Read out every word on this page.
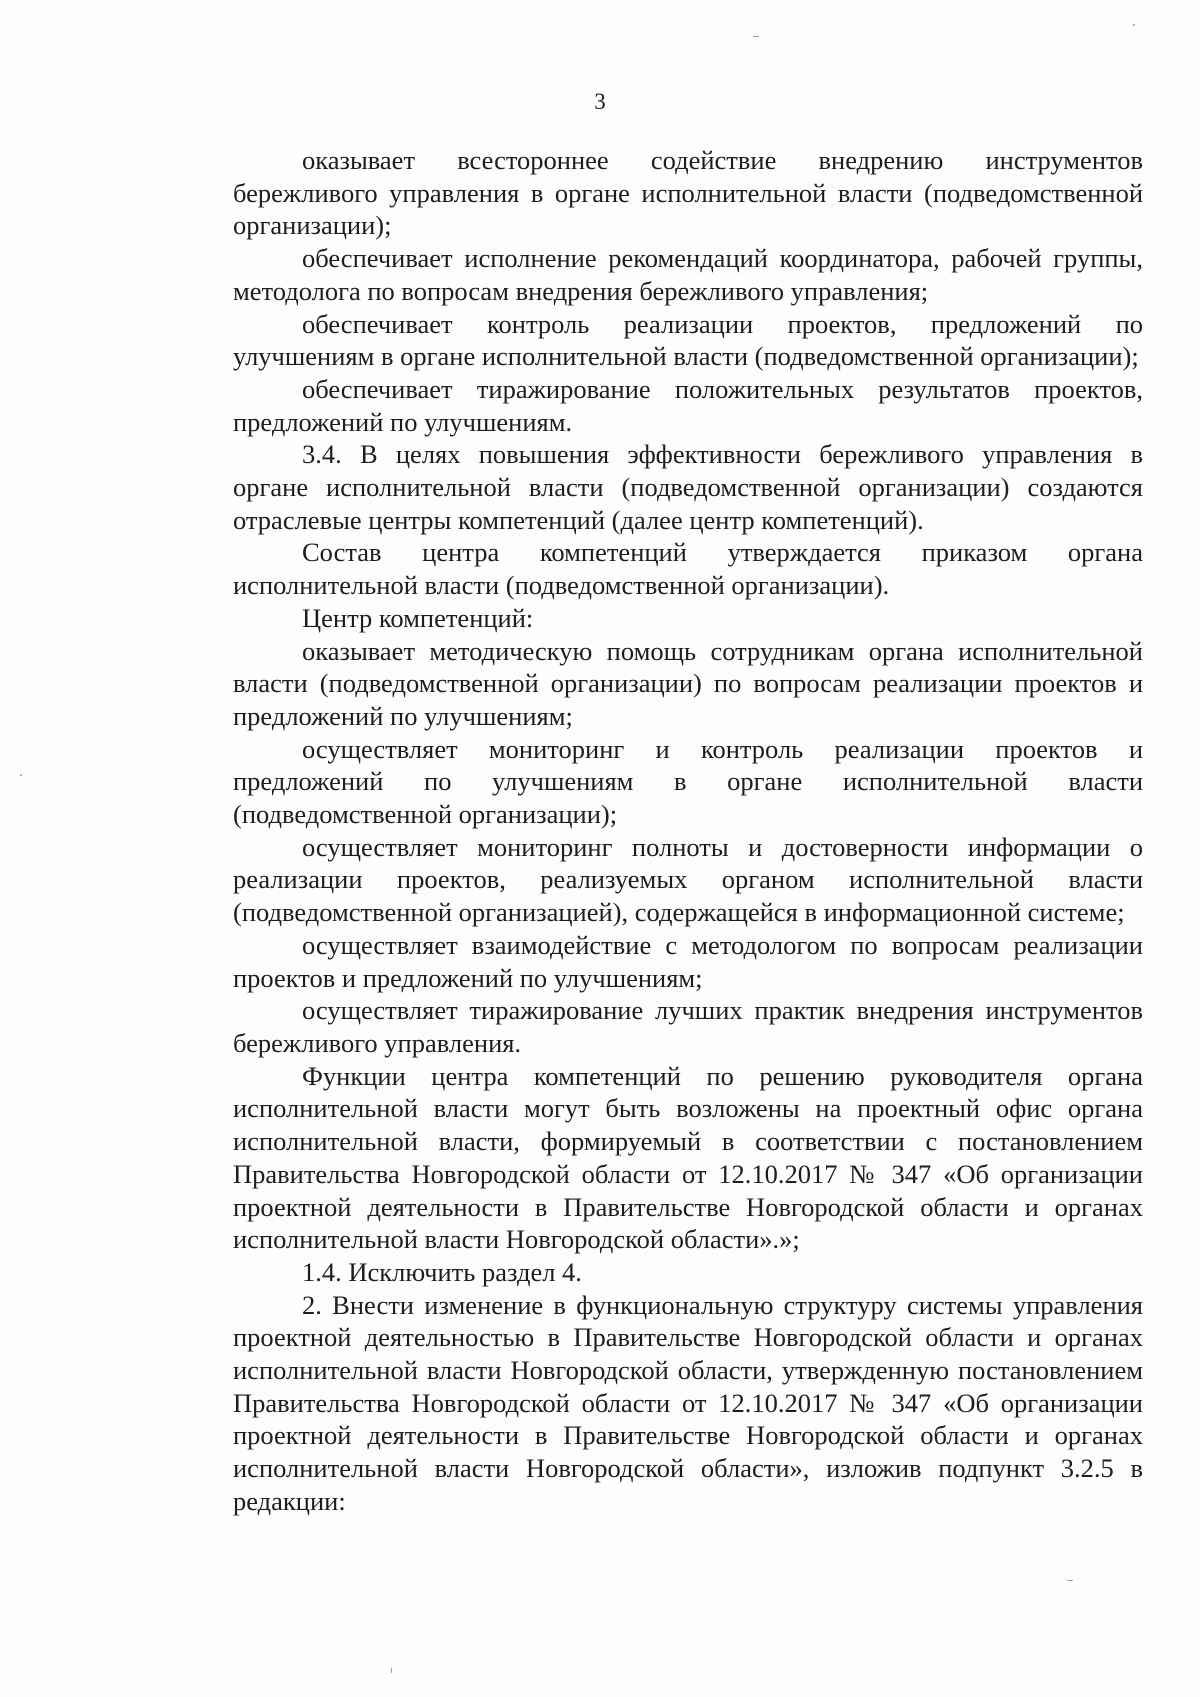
3

оказывает всестороннее содействие внедрению инструментов бережливого управления в органе исполнительной власти (подведомственной организации);

обеспечивает исполнение рекомендаций координатора, рабочей группы, методолога по вопросам внедрения бережливого управления;

обеспечивает контроль реализации проектов, предложений по улучшениям в органе исполнительной власти (подведомственной организации);

обеспечивает тиражирование положительных результатов проектов, предложений по улучшениям.

3.4. В целях повышения эффективности бережливого управления в органе исполнительной власти (подведомственной организации) создаются отраслевые центры компетенций (далее центр компетенций).

Состав центра компетенций утверждается приказом органа исполнительной власти (подведомственной организации).

Центр компетенций:

оказывает методическую помощь сотрудникам органа исполнительной власти (подведомственной организации) по вопросам реализации проектов и предложений по улучшениям;

осуществляет мониторинг и контроль реализации проектов и предложений по улучшениям в органе исполнительной власти (подведомственной организации);

осуществляет мониторинг полноты и достоверности информации о реализации проектов, реализуемых органом исполнительной власти (подведомственной организацией), содержащейся в информационной системе;

осуществляет взаимодействие с методологом по вопросам реализации проектов и предложений по улучшениям;

осуществляет тиражирование лучших практик внедрения инструментов бережливого управления.

Функции центра компетенций по решению руководителя органа исполнительной власти могут быть возложены на проектный офис органа исполнительной власти, формируемый в соответствии с постановлением Правительства Новгородской области от 12.10.2017 № 347 «Об организации проектной деятельности в Правительстве Новгородской области и органах исполнительной власти Новгородской области».»;

1.4. Исключить раздел 4.

2. Внести изменение в функциональную структуру системы управления проектной деятельностью в Правительстве Новгородской области и органах исполнительной власти Новгородской области, утвержденную постановлением Правительства Новгородской области от 12.10.2017 № 347 «Об организации проектной деятельности в Правительстве Новгородской области и органах исполнительной власти Новгородской области», изложив подпункт 3.2.5 в редакции:
